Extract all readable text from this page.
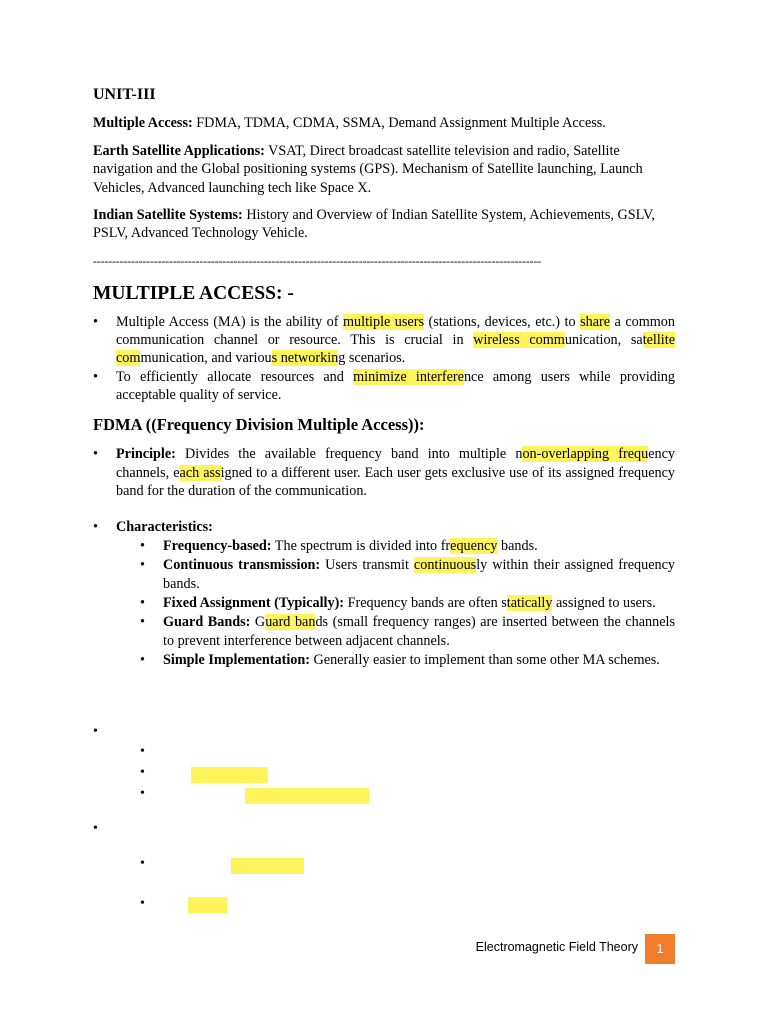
UNIT-III

Multiple Access: FDMA, TDMA, CDMA, SSMA, Demand Assignment Multiple Access.

Earth Satellite Applications: VSAT, Direct broadcast satellite television and radio, Satellite navigation and the Global positioning systems (GPS). Mechanism of Satellite launching, Launch Vehicles, Advanced launching tech like Space X.

Indian Satellite Systems: History and Overview of Indian Satellite System, Achievements, GSLV, PSLV, Advanced Technology Vehicle.

----------------------------------------------------------------------------------------------------------------------
MULTIPLE ACCESS: -
• Multiple Access (MA) is the ability of multiple users (stations, devices, etc.) to share a common communication channel or resource. This is crucial in wireless communication, satellite communication, and various networking scenarios.
• To efficiently allocate resources and minimize interference among users while providing acceptable quality of service.
FDMA ((Frequency Division Multiple Access)):
• Principle: Divides the available frequency band into multiple non-overlapping frequency channels, each assigned to a different user. Each user gets exclusive use of its assigned frequency band for the duration of the communication.
• Characteristics:
• Frequency-based: The spectrum is divided into frequency bands.
• Continuous transmission: Users transmit continuously within their assigned frequency bands.
• Fixed Assignment (Typically): Frequency bands are often statically assigned to users.
• Guard Bands: Guard bands (small frequency ranges) are inserted between the channels to prevent interference between adjacent channels.
• Simple Implementation: Generally easier to implement than some other MA schemes.
•
•
•
•
•
•
•
Electromagnetic Field Theory	1
